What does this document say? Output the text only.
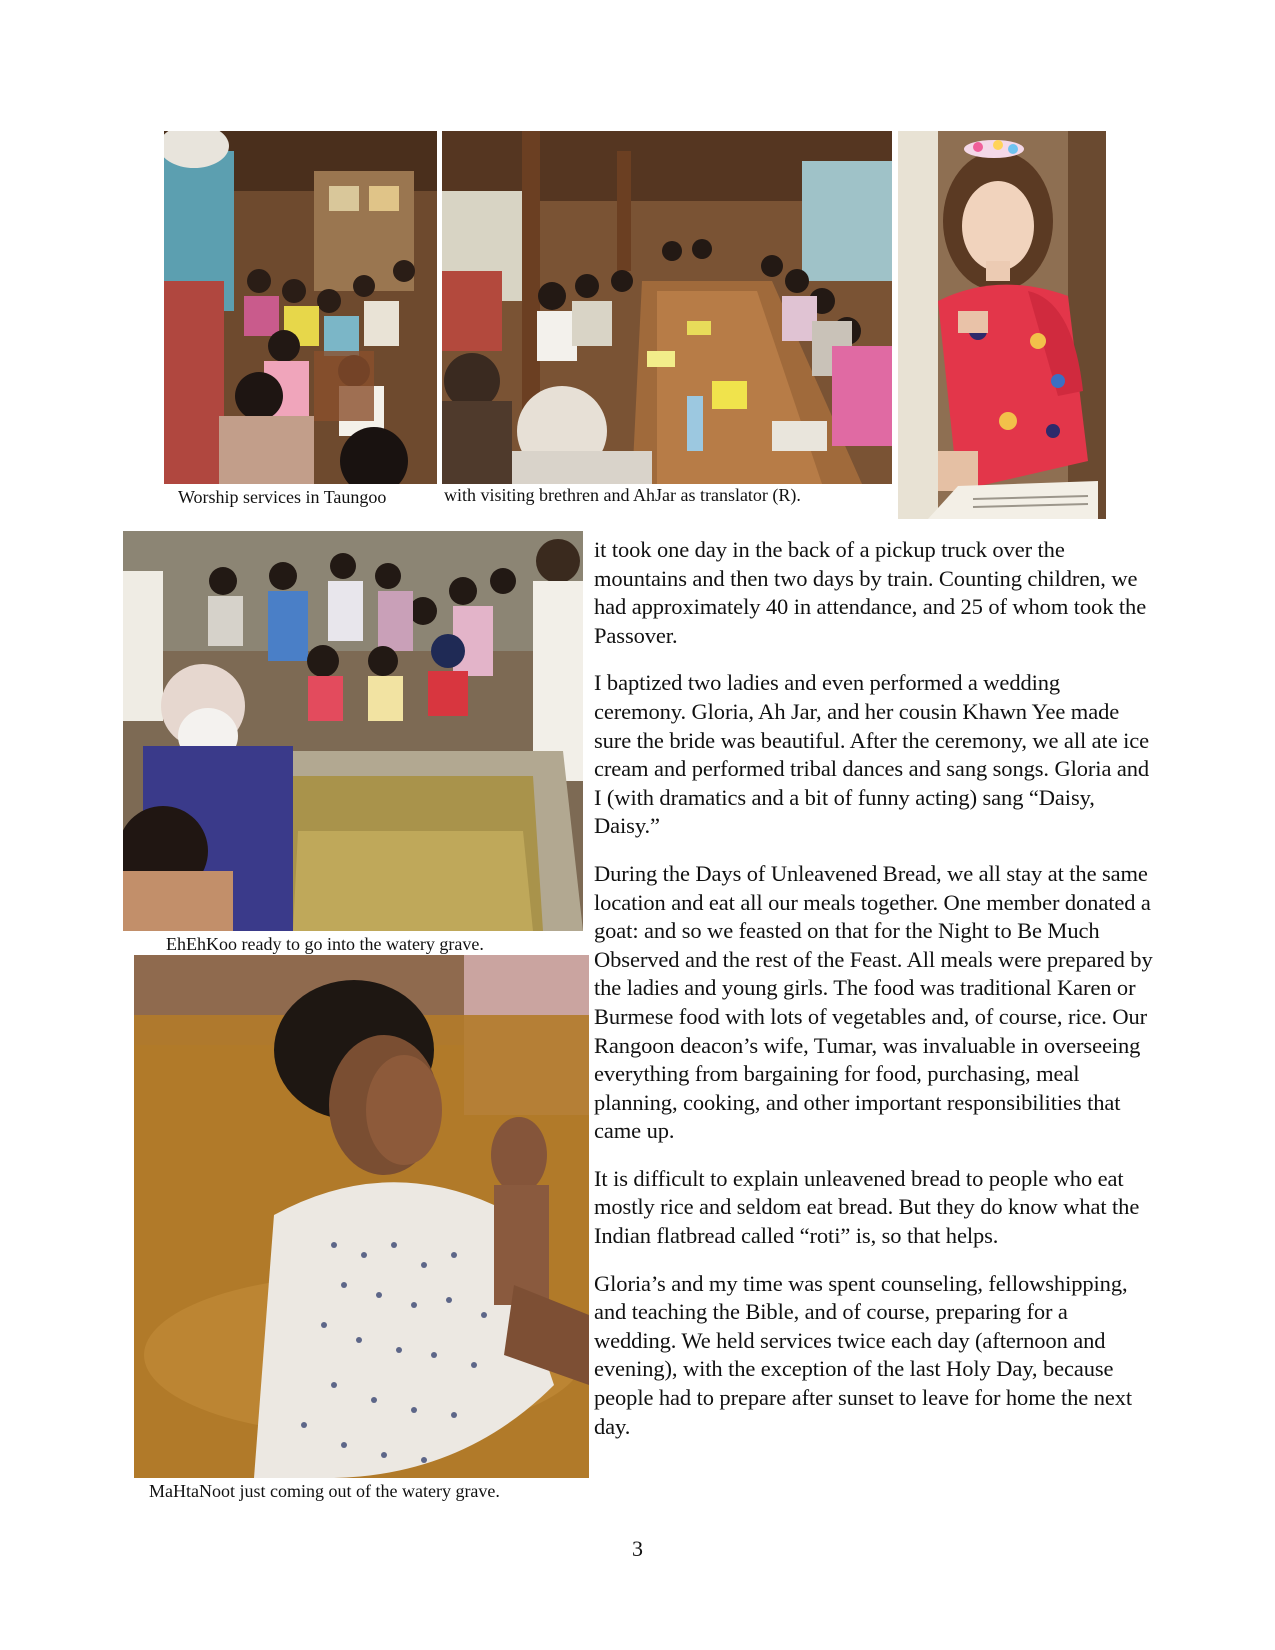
Worship services in Taungoo	with visiting brethren and AhJar as translator (R).
EhEhKoo ready to go into the watery grave.
MaHtaNoot just coming out of the watery grave.

it took one day in the back of a pickup truck over the mountains and then two days by train. Counting children, we had approximately 40 in attendance, and 25 of whom took the Passover.

I baptized two ladies and even performed a wedding ceremony. Gloria, Ah Jar, and her cousin Khawn Yee made sure the bride was beautiful. After the ceremony, we all ate ice cream and performed tribal dances and sang songs. Gloria and I (with dramatics and a bit of funny acting) sang “Daisy, Daisy.”

During the Days of Unleavened Bread, we all stay at the same location and eat all our meals together. One member donated a goat: and so we feasted on that for the Night to Be Much Observed and the rest of the Feast. All meals were prepared by the ladies and young girls. The food was traditional Karen or Burmese food with lots of vegetables and, of course, rice. Our Rangoon deacon’s wife, Tumar, was invaluable in overseeing everything from bargaining for food, purchasing, meal planning, cooking, and other important responsibilities that came up.

It is difficult to explain unleavened bread to people who eat mostly rice and seldom eat bread. But they do know what the Indian flatbread called “roti” is, so that helps.

Gloria’s and my time was spent counseling, fellowshipping, and teaching the Bible, and of course, preparing for a wedding. We held services twice each day (afternoon and evening), with the exception of the last Holy Day, because people had to prepare after sunset to leave for home the next day.

3
